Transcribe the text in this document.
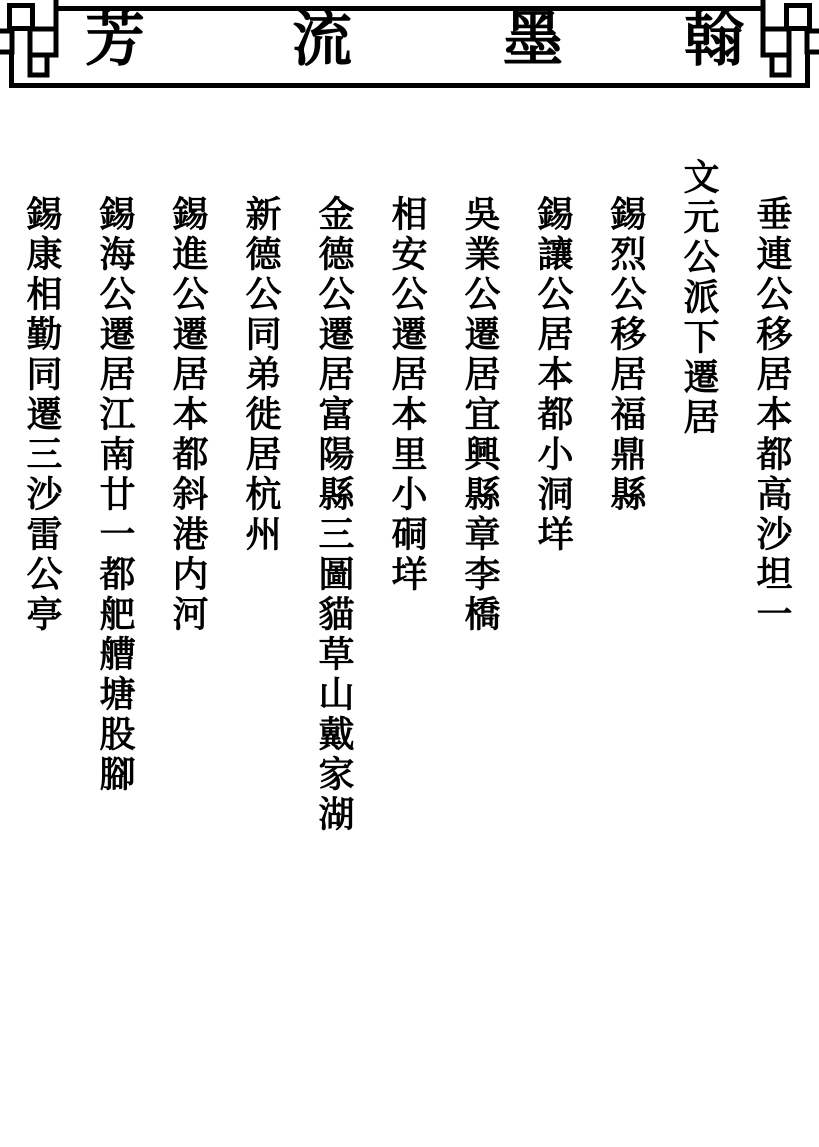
芳 流	墨 翰
垂連公移居本都高沙坦一
文元公派下遷居
錫烈公移居福鼎縣
錫讓公居本都小洞垟
吳業公遷居宜興縣章李橋
相安公遷居本里小硐垟
金德公遷居富陽縣三圖貓草山戴家湖
新德公同弟徙居杭州
錫進公遷居本都斜港内河
錫海公遷居江南廿一都舥艚塘股腳
錫康相勤同遷三沙雷公亭
